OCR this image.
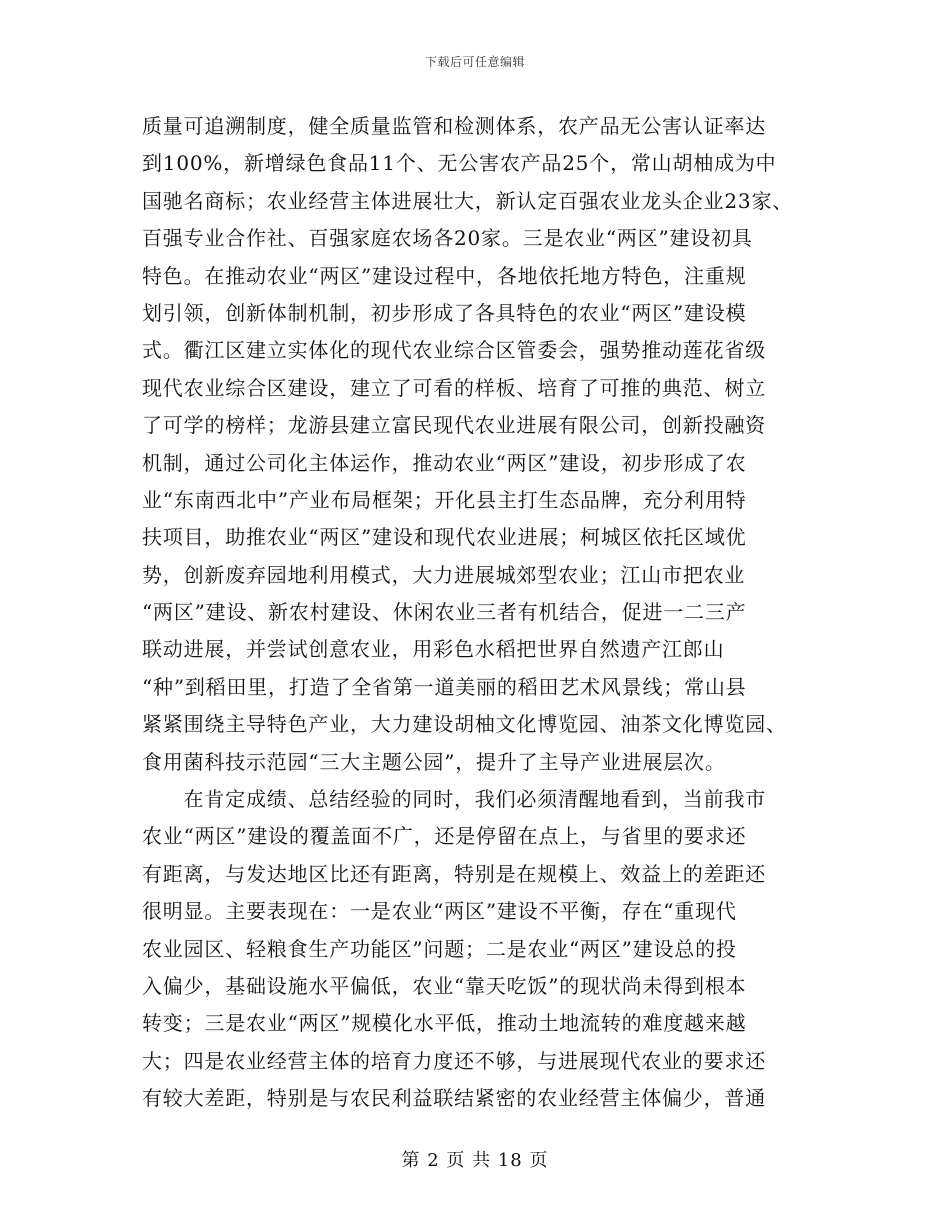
下载后可任意编辑
质量可追溯制度，健全质量监管和检测体系，农产品无公害认证率达
到100%，新增绿色食品11个、无公害农产品25个，常山胡柚成为中
国驰名商标；农业经营主体进展壮大，新认定百强农业龙头企业23家、
百强专业合作社、百强家庭农场各20家。三是农业“两区”建设初具
特色。在推动农业“两区”建设过程中，各地依托地方特色，注重规
划引领，创新体制机制，初步形成了各具特色的农业“两区”建设模
式。衢江区建立实体化的现代农业综合区管委会，强势推动莲花省级
现代农业综合区建设，建立了可看的样板、培育了可推的典范、树立
了可学的榜样；龙游县建立富民现代农业进展有限公司，创新投融资
机制，通过公司化主体运作，推动农业“两区”建设，初步形成了农
业“东南西北中”产业布局框架；开化县主打生态品牌，充分利用特
扶项目，助推农业“两区”建设和现代农业进展；柯城区依托区域优
势，创新废弃园地利用模式，大力进展城郊型农业；江山市把农业
“两区”建设、新农村建设、休闲农业三者有机结合，促进一二三产
联动进展，并尝试创意农业，用彩色水稻把世界自然遗产江郎山
“种”到稻田里，打造了全省第一道美丽的稻田艺术风景线；常山县
紧紧围绕主导特色产业，大力建设胡柚文化博览园、油茶文化博览园、
食用菌科技示范园“三大主题公园”，提升了主导产业进展层次。
　　在肯定成绩、总结经验的同时，我们必须清醒地看到，当前我市
农业“两区”建设的覆盖面不广，还是停留在点上，与省里的要求还
有距离，与发达地区比还有距离，特别是在规模上、效益上的差距还
很明显。主要表现在：一是农业“两区”建设不平衡，存在“重现代
农业园区、轻粮食生产功能区”问题；二是农业“两区”建设总的投
入偏少，基础设施水平偏低，农业“靠天吃饭”的现状尚未得到根本
转变；三是农业“两区”规模化水平低，推动土地流转的难度越来越
大；四是农业经营主体的培育力度还不够，与进展现代农业的要求还
有较大差距，特别是与农民利益联结紧密的农业经营主体偏少，普通
第 2 页 共 18 页
